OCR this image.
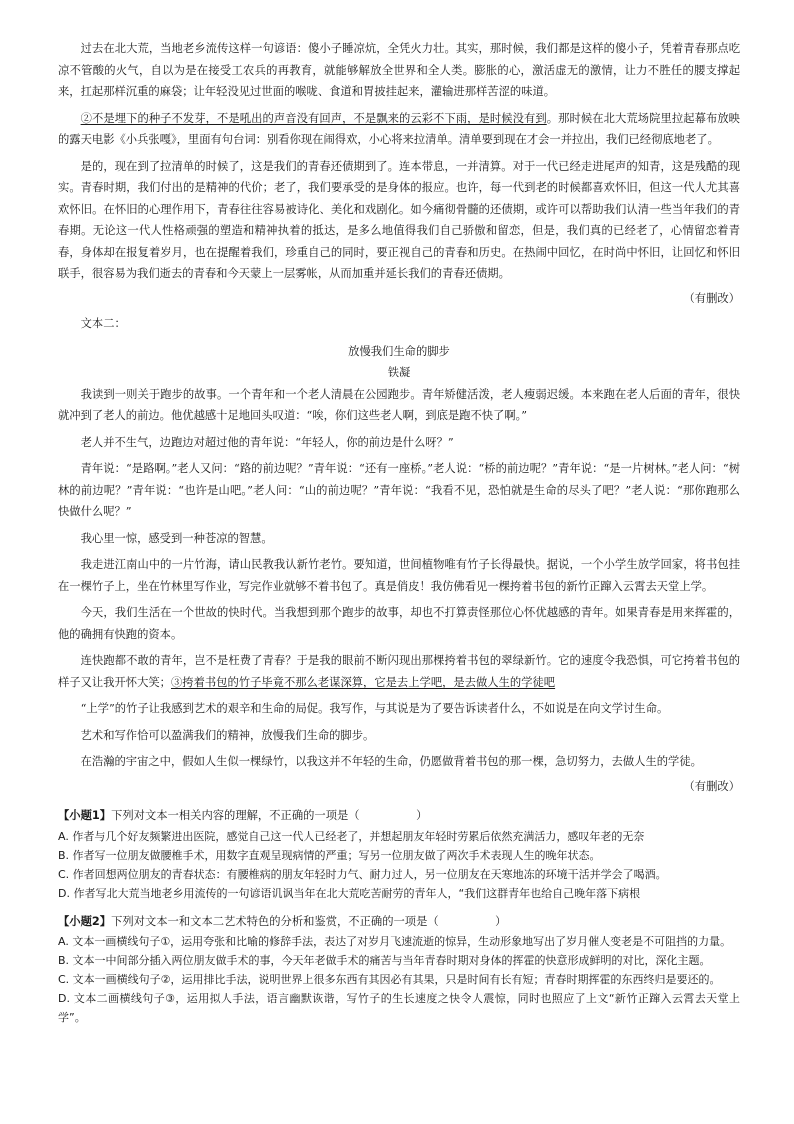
过去在北大荒，当地老乡流传这样一句谚语：傻小子睡凉炕，全凭火力壮。其实，那时候，我们都是这样的傻小子，凭着青春那点吃凉不管酸的火气，自以为是在接受工农兵的再教育，就能够解放全世界和全人类。膨胀的心，激活虚无的激情，让力不胜任的腰支撑起来，扛起那样沉重的麻袋；让年轻没见过世面的喉咙、食道和胃披挂起来，灌输进那样苦涩的味道。

②不是埋下的种子不发芽，不是吼出的声音没有回声，不是飘来的云彩不下雨，是时候没有到。那时候在北大荒场院里拉起幕布放映的露天电影《小兵张嘎》，里面有句台词：别看你现在闹得欢，小心将来拉清单。清单要到现在才会一并拉出，我们已经彻底地老了。

是的，现在到了拉清单的时候了，这是我们的青春还债期到了。连本带息，一并清算。对于一代已经走进尾声的知青，这是残酷的现实。青春时期，我们付出的是精神的代价；老了，我们要承受的是身体的报应。也许，每一代到老的时候都喜欢怀旧，但这一代人尤其喜欢怀旧。在怀旧的心理作用下，青春往往容易被诗化、美化和戏剧化。如今痛彻骨髓的还债期，或许可以帮助我们认清一些当年我们的青春期。无论这一代人性格顽强的塑造和精神执着的抵达，是多么地值得我们自己骄傲和留恋，但是，我们真的已经老了，心情留恋着青春，身体却在报复着岁月，也在提醒着我们，珍重自己的同时，要正视自己的青春和历史。在热闹中回忆，在时尚中怀旧，让回忆和怀旧联手，很容易为我们逝去的青春和今天蒙上一层雾帐，从而加重并延长我们的青春还债期。

（有删改）

文本二：

放慢我们生命的脚步

铁凝

我读到一则关于跑步的故事。一个青年和一个老人清晨在公园跑步。青年矫健活泼，老人瘦弱迟缓。本来跑在老人后面的青年，很快就冲到了老人的前边。他优越感十足地回头叹道：“唉，你们这些老人啊，到底是跑不快了啊。”

老人并不生气，边跑边对超过他的青年说：“年轻人，你的前边是什么呀？”

青年说：“是路啊。”老人又问：“路的前边呢？”青年说：“还有一座桥。”老人说：“桥的前边呢？”青年说：“是一片树林。”老人问：“树林的前边呢？”青年说：“也许是山吧。”老人问：“山的前边呢？”青年说：“我看不见，恐怕就是生命的尽头了吧？”老人说：“那你跑那么快做什么呢？”

我心里一惊，感受到一种苍凉的智慧。

我走进江南山中的一片竹海，请山民教我认新竹老竹。要知道，世间植物唯有竹子长得最快。据说，一个小学生放学回家，将书包挂在一棵竹子上，坐在竹林里写作业，写完作业就够不着书包了。真是俏皮！我仿佛看见一棵挎着书包的新竹正蹿入云霄去天堂上学。

今天，我们生活在一个世故的快时代。当我想到那个跑步的故事，却也不打算责怪那位心怀优越感的青年。如果青春是用来挥霍的，他的确拥有快跑的资本。

连快跑都不敢的青年，岂不是枉费了青春？于是我的眼前不断闪现出那棵挎着书包的翠绿新竹。它的速度令我恐惧，可它挎着书包的样子又让我开怀大笑；③挎着书包的竹子毕竟不那么老谋深算，它是去上学吧，是去做人生的学徒吧

“上学”的竹子让我感到艺术的艰辛和生命的局促。我写作，与其说是为了要告诉读者什么，不如说是在向文学讨生命。

艺术和写作恰可以盈满我们的精神，放慢我们生命的脚步。

在浩瀚的宇宙之中，假如人生似一棵绿竹，以我这并不年轻的生命，仍愿做背着书包的那一棵，急切努力，去做人生的学徒。

（有删改）

【小题1】下列对文本一相关内容的理解，不正确的一项是（　　　　　）

A. 作者与几个好友频繁进出医院，感觉自己这一代人已经老了，并想起朋友年轻时劳累后依然充满活力，感叹年老的无奈

B. 作者写一位朋友做腰椎手术，用数字直观呈现病情的严重；写另一位朋友做了两次手术表现人生的晚年状态。

C. 作者回想两位朋友的青春状态：有腰椎病的朋友年轻时力气、耐力过人，另一位朋友在天寒地冻的环境干活并学会了喝酒。

D. 作者写北大荒当地老乡用流传的一句谚语讥讽当年在北大荒吃苦耐劳的青年人，“我们这群青年也给自己晚年落下病根

【小题2】下列对文本一和文本二艺术特色的分析和鉴赏，不正确的一项是（　　　　　）

A. 文本一画横线句子①，运用夸张和比喻的修辞手法，表达了对岁月飞速流逝的惊异，生动形象地写出了岁月催人变老是不可阻挡的力量。

B. 文本一中间部分插入两位朋友做手术的事，今天年老做手术的痛苦与当年青春时期对身体的挥霍的快意形成鲜明的对比，深化主题。

C. 文本一画横线句子②，运用排比手法，说明世界上很多东西有其因必有其果，只是时间有长有短；青春时期挥霍的东西终归是要还的。

D. 文本二画横线句子③，运用拟人手法，语言幽默诙谐，写竹子的生长速度之快令人震惊，同时也照应了上文“新竹正蹿入云霄去天堂上学”。
